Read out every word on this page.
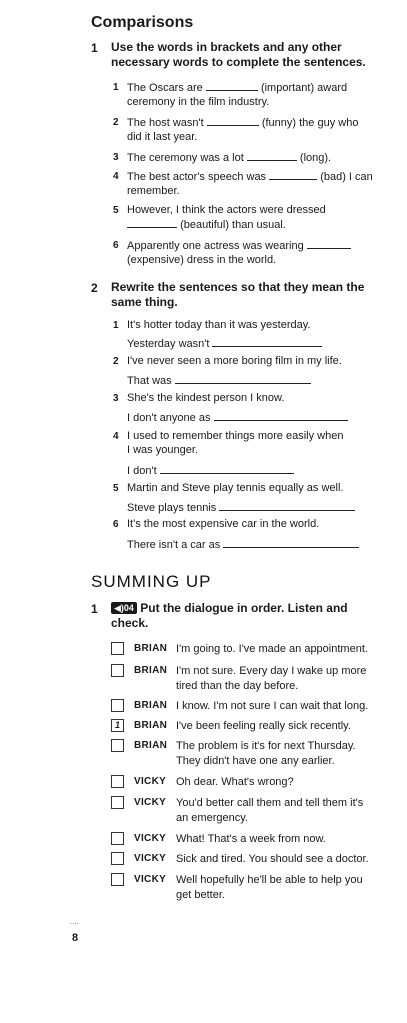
Comparisons
1 Use the words in brackets and any other necessary words to complete the sentences.
1 The Oscars are	(important) award
ceremony in the film industry.
2 The host wasn't	(funny) the guy who
did it last year.
3 The ceremony was a lot	(long).
4 The best actor's speech was	(bad) I can
remember.
5 However, I think the actors were dressed
(beautiful) than usual.
6 Apparently one actress was wearing
(expensive) dress in the world.
2 Rewrite the sentences so that they mean the same thing.
1 It's hotter today than it was yesterday.
Yesterday wasn't
2 I've never seen a more boring film in my life.
That was
3 She's the kindest person I know.
I don't anyone as
4 I used to remember things more easily when
I was younger.
I don't
5 Martin and Steve play tennis equally as well.
Steve plays tennis
6 It's the most expensive car in the world.
There isn't a car as
SUMMING UP
1	◀)04 Put the dialogue in order. Listen and
check.
BRIAN I'm going to. I've made an appointment.
BRIAN I'm not sure. Every day I wake up more
tired than the day before.
BRIAN I know. I'm not sure I can wait that long.
1	BRIAN I've been feeling really sick recently.
BRIAN The problem is it's for next Thursday.
They didn't have one any earlier.
VICKY Oh dear. What's wrong?
VICKY You'd better call them and tell them it's
an emergency.
VICKY What! That's a week from now.
VICKY Sick and tired. You should see a doctor.
VICKY Well hopefully he'll be able to help you
get better.
....
8
